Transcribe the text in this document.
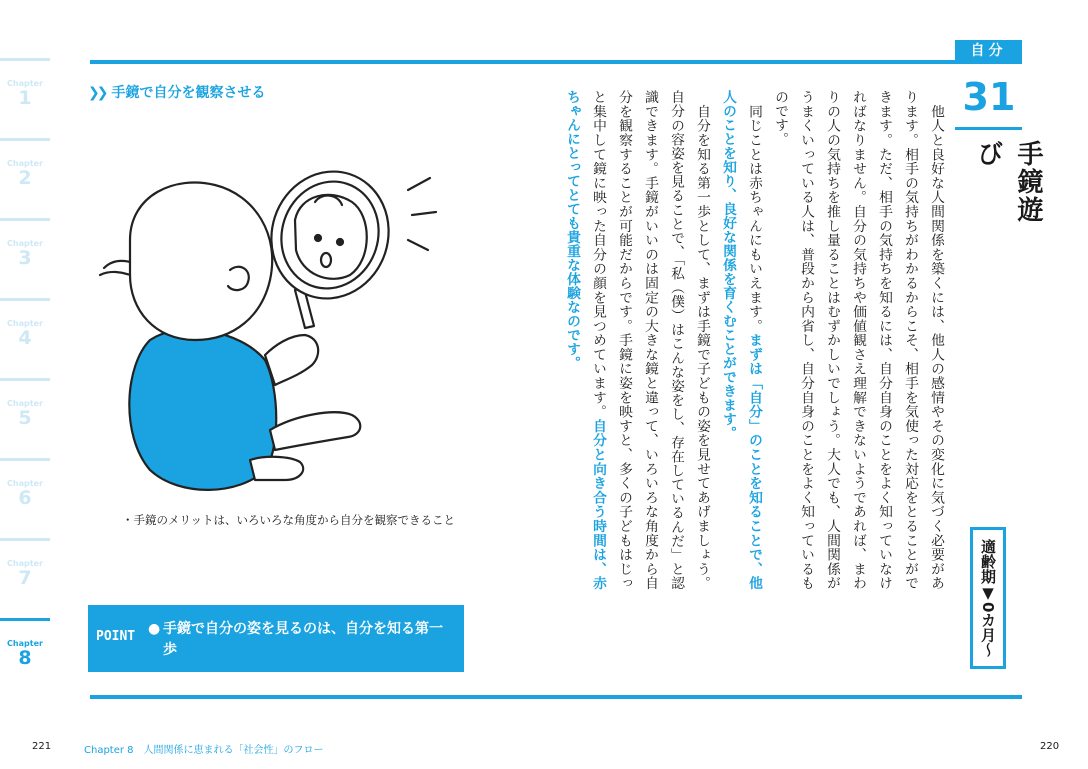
Chapter
1
Chapter
2
Chapter
3
Chapter
4
Chapter
5
Chapter
6
Chapter
7
Chapter
8
自分
31
手鏡遊び
適齢期▼0カ月〜

　他人と良好な人間関係を築くには、他人の感情やその変化に気づく必要があります。相手の気持ちがわかるからこそ、相手を気使った対応をとることができます。ただ、相手の気持ちを知るには、自分自身のことをよく知っていなければなりません。自分の気持ちや価値観さえ理解できないようであれば、まわりの人の気持ちを推し量ることはむずかしいでしょう。大人でも、人間関係がうまくいっている人は、普段から内省し、自分自身のことをよく知っているものです。

　同じことは赤ちゃんにもいえます。まずは「自分」のことを知ることで、他人のことを知り、良好な関係を育くむことができます。

　自分を知る第一歩として、まずは手鏡で子どもの姿を見せてあげましょう。自分の容姿を見ることで、「私（僕）はこんな姿をし、存在しているんだ」と認識できます。手鏡がいいのは固定の大きな鏡と違って、いろいろな角度から自分を観察することが可能だからです。手鏡に姿を映すと、多くの子どもはじっと集中して鏡に映った自分の顔を見つめています。自分と向き合う時間は、赤ちゃんにとってとても貴重な体験なのです。

❯❯ 手鏡で自分を観察させる
・手鏡のメリットは、いろいろな角度から自分を観察できること
POINT ● 手鏡で自分の姿を見るのは、自分を知る第一歩
221	Chapter 8　人間関係に恵まれる「社会性」のフロー	220
